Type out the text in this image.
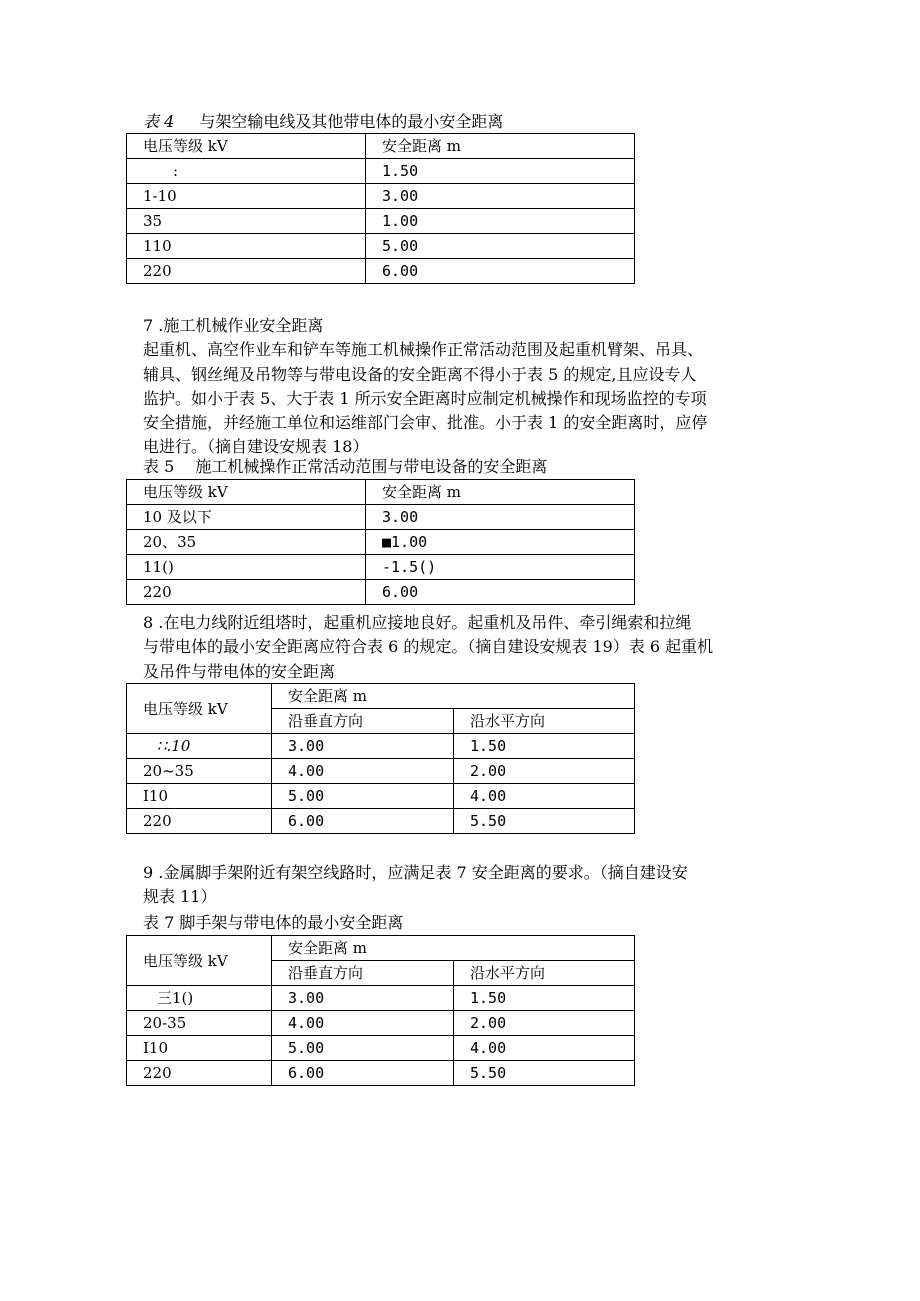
表 4 与架空输电线及其他带电体的最小安全距离
电压等级 kV	安全距离 m
:	1.50
1-10	3.00
35	1.00
110	5.00
220	6.00

7 .施工机械作业安全距离

起重机、高空作业车和铲车等施工机械操作正常活动范围及起重机臂架、吊具、

辅具、钢丝绳及吊物等与带电设备的安全距离不得小于表 5 的规定,且应设专人

监护。如小于表 5、大于表 1 所示安全距离时应制定机械操作和现场监控的专项

安全措施，并经施工单位和运维部门会审、批准。小于表 1 的安全距离时，应停

电进行。（摘自建设安规表 18）

表 5　 施工机械操作正常活动范围与带电设备的安全距离
电压等级 kV	安全距离 m
10 及以下	3.00
20、35	■1.00
11()	-1.5()
220	6.00

8 .在电力线附近组塔时，起重机应接地良好。起重机及吊件、牵引绳索和拉绳

与带电体的最小安全距离应符合表 6 的规定。（摘自建设安规表 19）表 6 起重机

及吊件与带电体的安全距离

电压等级 kV	安全距离 m	
	沿垂直方向	沿水平方向
∷.10	3.00	1.50
20~35	4.00	2.00
I10	5.00	4.00
220	6.00	5.50

9 .金属脚手架附近有架空线路时，应满足表 7 安全距离的要求。（摘自建设安

规表 11）

表 7 脚手架与带电体的最小安全距离
电压等级 kV	安全距离 m	
	沿垂直方向	沿水平方向
三1()	3.00	1.50
20-35	4.00	2.00
I10	5.00	4.00
220	6.00	5.50
